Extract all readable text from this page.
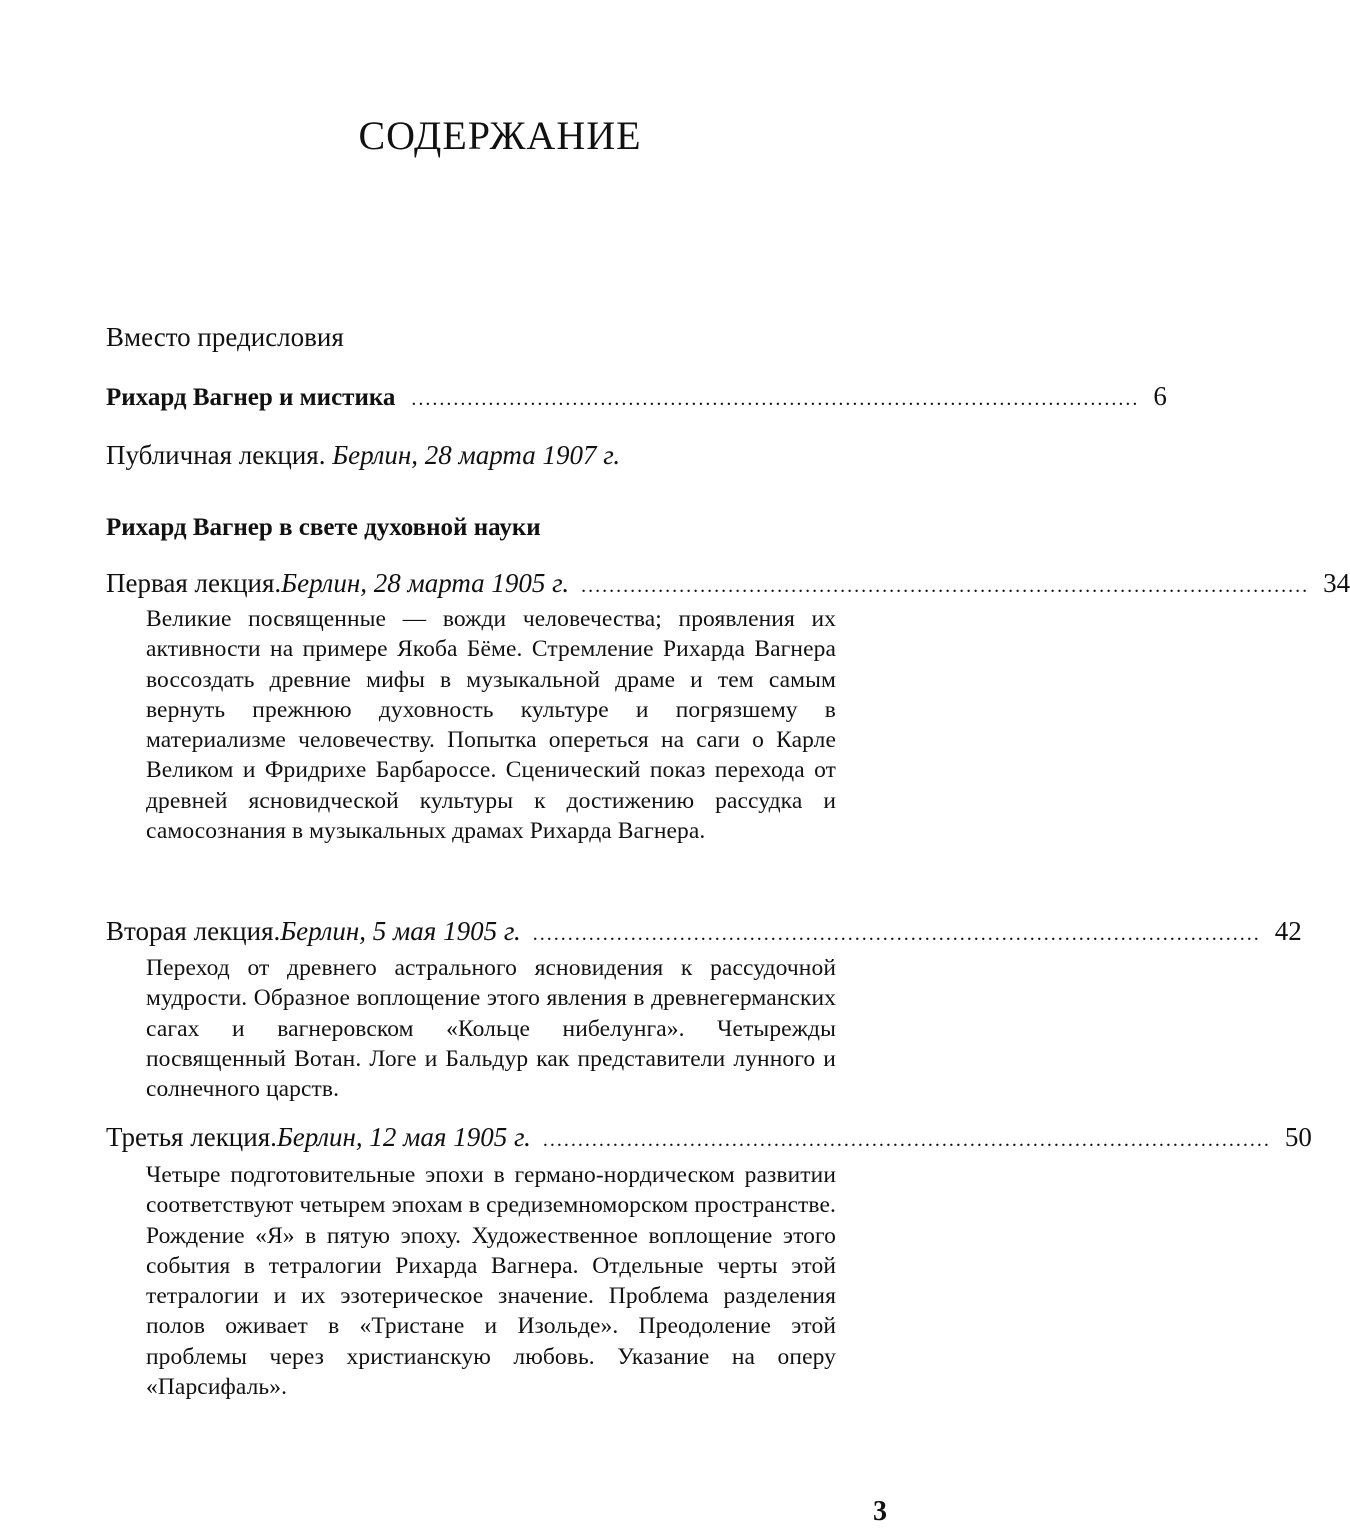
СОДЕРЖАНИЕ
Вместо предисловия
Рихард Вагнер и мистика ........................................................................................................ 6
Публичная лекция. Берлин, 28 марта 1907 г.
Рихард Вагнер в свете духовной науки
Первая лекция. Берлин, 28 марта 1905 г. ........................................................................................................ 34
Великие посвященные — вожди человечества; проявления их активности на примере Якоба Бёме. Стремление Рихарда Вагнера воссоздать древние мифы в музыкальной драме и тем самым вернуть прежнюю духовность культуре и погрязшему в материализме человечеству. Попытка опереться на саги о Карле Великом и Фридрихе Барбароссе. Сценический показ перехода от древней ясновидческой культуры к достижению рассудка и самосознания в музыкальных драмах Рихарда Вагнера.
Вторая лекция. Берлин, 5 мая 1905 г. ........................................................................................................ 42
Переход от древнего астрального ясновидения к рассудочной мудрости. Образное воплощение этого явления в древнегерманских сагах и вагнеровском «Кольце нибелунга». Четырежды посвященный Вотан. Логе и Бальдур как представители лунного и солнечного царств.
Третья лекция. Берлин, 12 мая 1905 г. ........................................................................................................ 50
Четыре подготовительные эпохи в германо-нордическом развитии соответствуют четырем эпохам в средиземноморском пространстве. Рождение «Я» в пятую эпоху. Художественное воплощение этого события в тетралогии Рихарда Вагнера. Отдельные черты этой тетралогии и их эзотерическое значение. Проблема разделения полов оживает в «Тристане и Изольде». Преодоление этой проблемы через христианскую любовь. Указание на оперу «Парсифаль».
3
